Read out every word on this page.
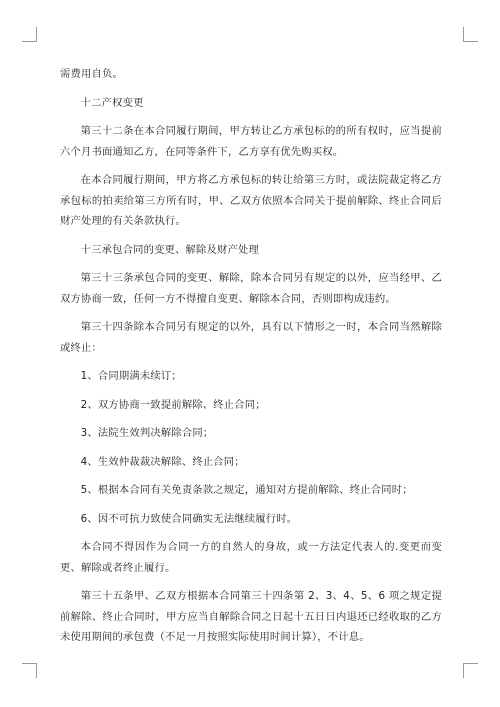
需费用自负。

十二产权变更

第三十二条在本合同履行期间，甲方转让乙方承包标的的所有权时，应当提前六个月书面通知乙方，在同等条件下，乙方享有优先购买权。

在本合同履行期间，甲方将乙方承包标的转让给第三方时，或法院裁定将乙方承包标的拍卖给第三方所有时，甲、乙双方依照本合同关于提前解除、终止合同后财产处理的有关条款执行。

十三承包合同的变更、解除及财产处理

第三十三条承包合同的变更、解除，除本合同另有规定的以外，应当经甲、乙双方协商一致，任何一方不得擅自变更、解除本合同，否则即构成违约。

第三十四条除本合同另有规定的以外，具有以下情形之一时，本合同当然解除或终止：

1、合同期满未续订；

2、双方协商一致提前解除、终止合同；

3、法院生效判决解除合同；

4、生效仲裁裁决解除、终止合同；

5、根据本合同有关免责条款之规定，通知对方提前解除、终止合同时；

6、因不可抗力致使合同确实无法继续履行时。

本合同不得因作为合同一方的自然人的身故，或一方法定代表人的.变更而变更、解除或者终止履行。

第三十五条甲、乙双方根据本合同第三十四条第 2、3、4、5、6 项之规定提前解除、终止合同时，甲方应当自解除合同之日起十五日日内退还已经收取的乙方未使用期间的承包费（不足一月按照实际使用时间计算），不计息。
